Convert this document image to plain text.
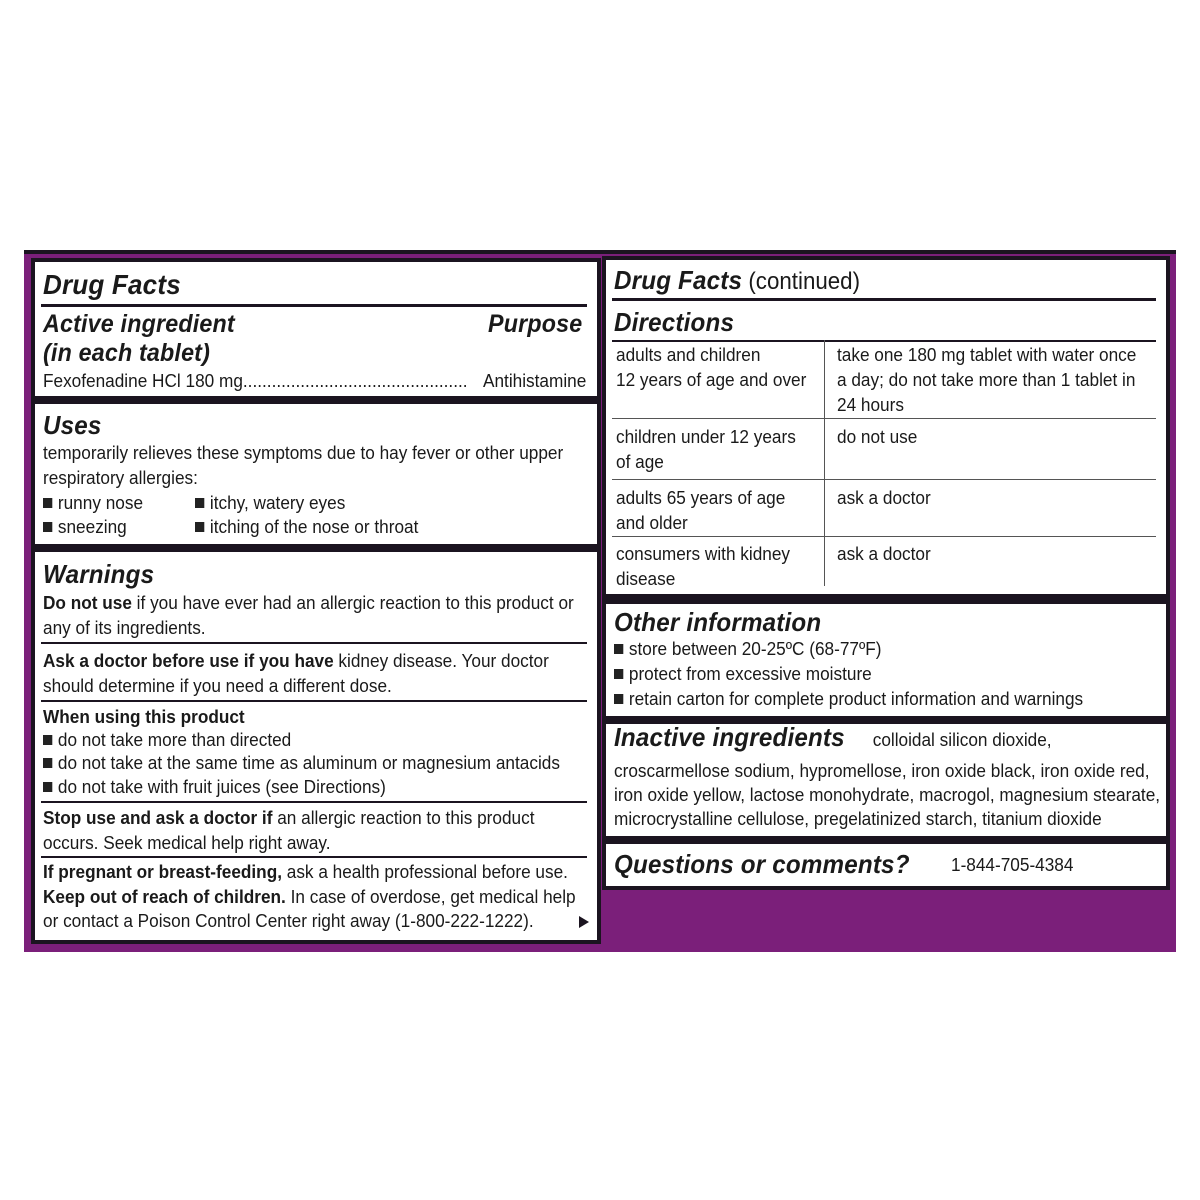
Drug Facts
Active ingredient
(in each tablet)
Purpose
Fexofenadine HCl 180 mg............................................... Antihistamine
Uses
temporarily relieves these symptoms due to hay fever or other upper
respiratory allergies:
runny nose	itchy, watery eyes
sneezing	itching of the nose or throat
Warnings
Do not use if you have ever had an allergic reaction to this product or
any of its ingredients.
Ask a doctor before use if you have kidney disease. Your doctor
should determine if you need a different dose.
When using this product
do not take more than directed
do not take at the same time as aluminum or magnesium antacids
do not take with fruit juices (see Directions)
Stop use and ask a doctor if an allergic reaction to this product
occurs. Seek medical help right away.
If pregnant or breast-feeding, ask a health professional before use.
Keep out of reach of children. In case of overdose, get medical help
or contact a Poison Control Center right away (1-800-222-1222).
Drug Facts (continued)
Directions
adults and children
12 years of age and over
take one 180 mg tablet with water once
a day; do not take more than 1 tablet in
24 hours
children under 12 years
of age
do not use
adults 65 years of age
and older
ask a doctor
consumers with kidney
disease
ask a doctor
Other information
store between 20-25ºC (68-77ºF)
protect from excessive moisture
retain carton for complete product information and warnings
Inactive ingredients colloidal silicon dioxide,
croscarmellose sodium, hypromellose, iron oxide black, iron oxide red,
iron oxide yellow, lactose monohydrate, macrogol, magnesium stearate,
microcrystalline cellulose, pregelatinized starch, titanium dioxide
Questions or comments? 1-844-705-4384
